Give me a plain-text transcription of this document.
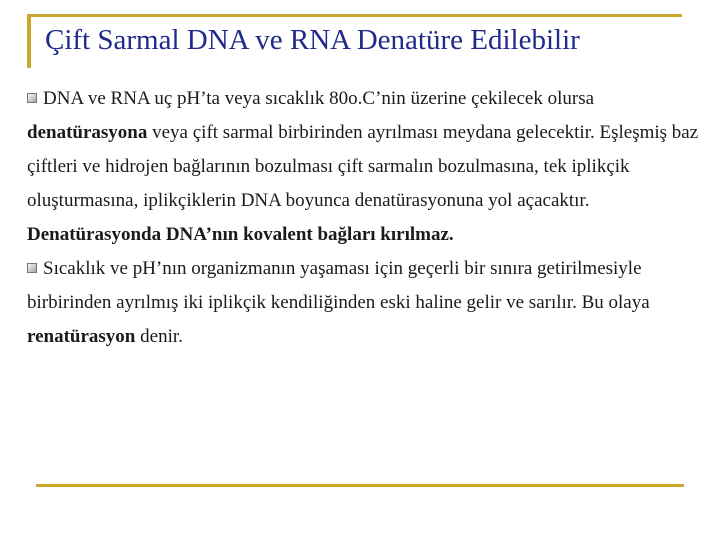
Çift Sarmal DNA ve RNA Denatüre Edilebilir

DNA ve RNA uç pH’ta veya sıcaklık 80o.C’nin üzerine çekilecek olursa denatürasyona veya çift sarmal birbirinden ayrılması meydana gelecektir. Eşleşmiş baz çiftleri ve hidrojen bağlarının bozulması çift sarmalın bozulmasına, tek iplikçik oluşturmasına, iplikçiklerin DNA boyunca denatürasyonuna yol açacaktır. Denatürasyonda DNA’nın kovalent bağları kırılmaz.

Sıcaklık ve pH’nın organizmanın yaşaması için geçerli bir sınıra getirilmesiyle birbirinden ayrılmış iki iplikçik kendiliğinden eski haline gelir ve sarılır. Bu olaya renatürasyon denir.
